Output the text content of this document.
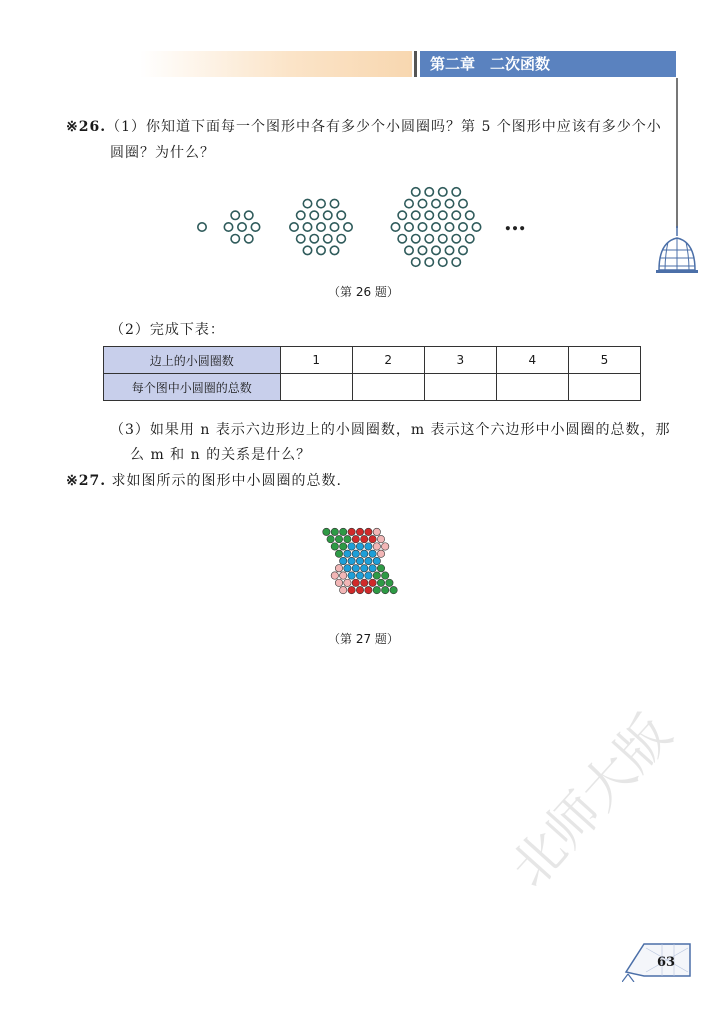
第二章　二次函数
※26.（1）你知道下面每一个图形中各有多少个小圆圈吗？第 5 个图形中应该有多少个小
圆圈？为什么？
…
（第 26 题）
（2）完成下表：
边上的小圆圈数	1	2	3	4	5
每个图中小圆圈的总数					
（3）如果用 n 表示六边形边上的小圆圈数，m 表示这个六边形中小圆圈的总数，那
么 m 和 n 的关系是什么？
※27. 求如图所示的图形中小圆圈的总数.
（第 27 题）
北师大版
63
